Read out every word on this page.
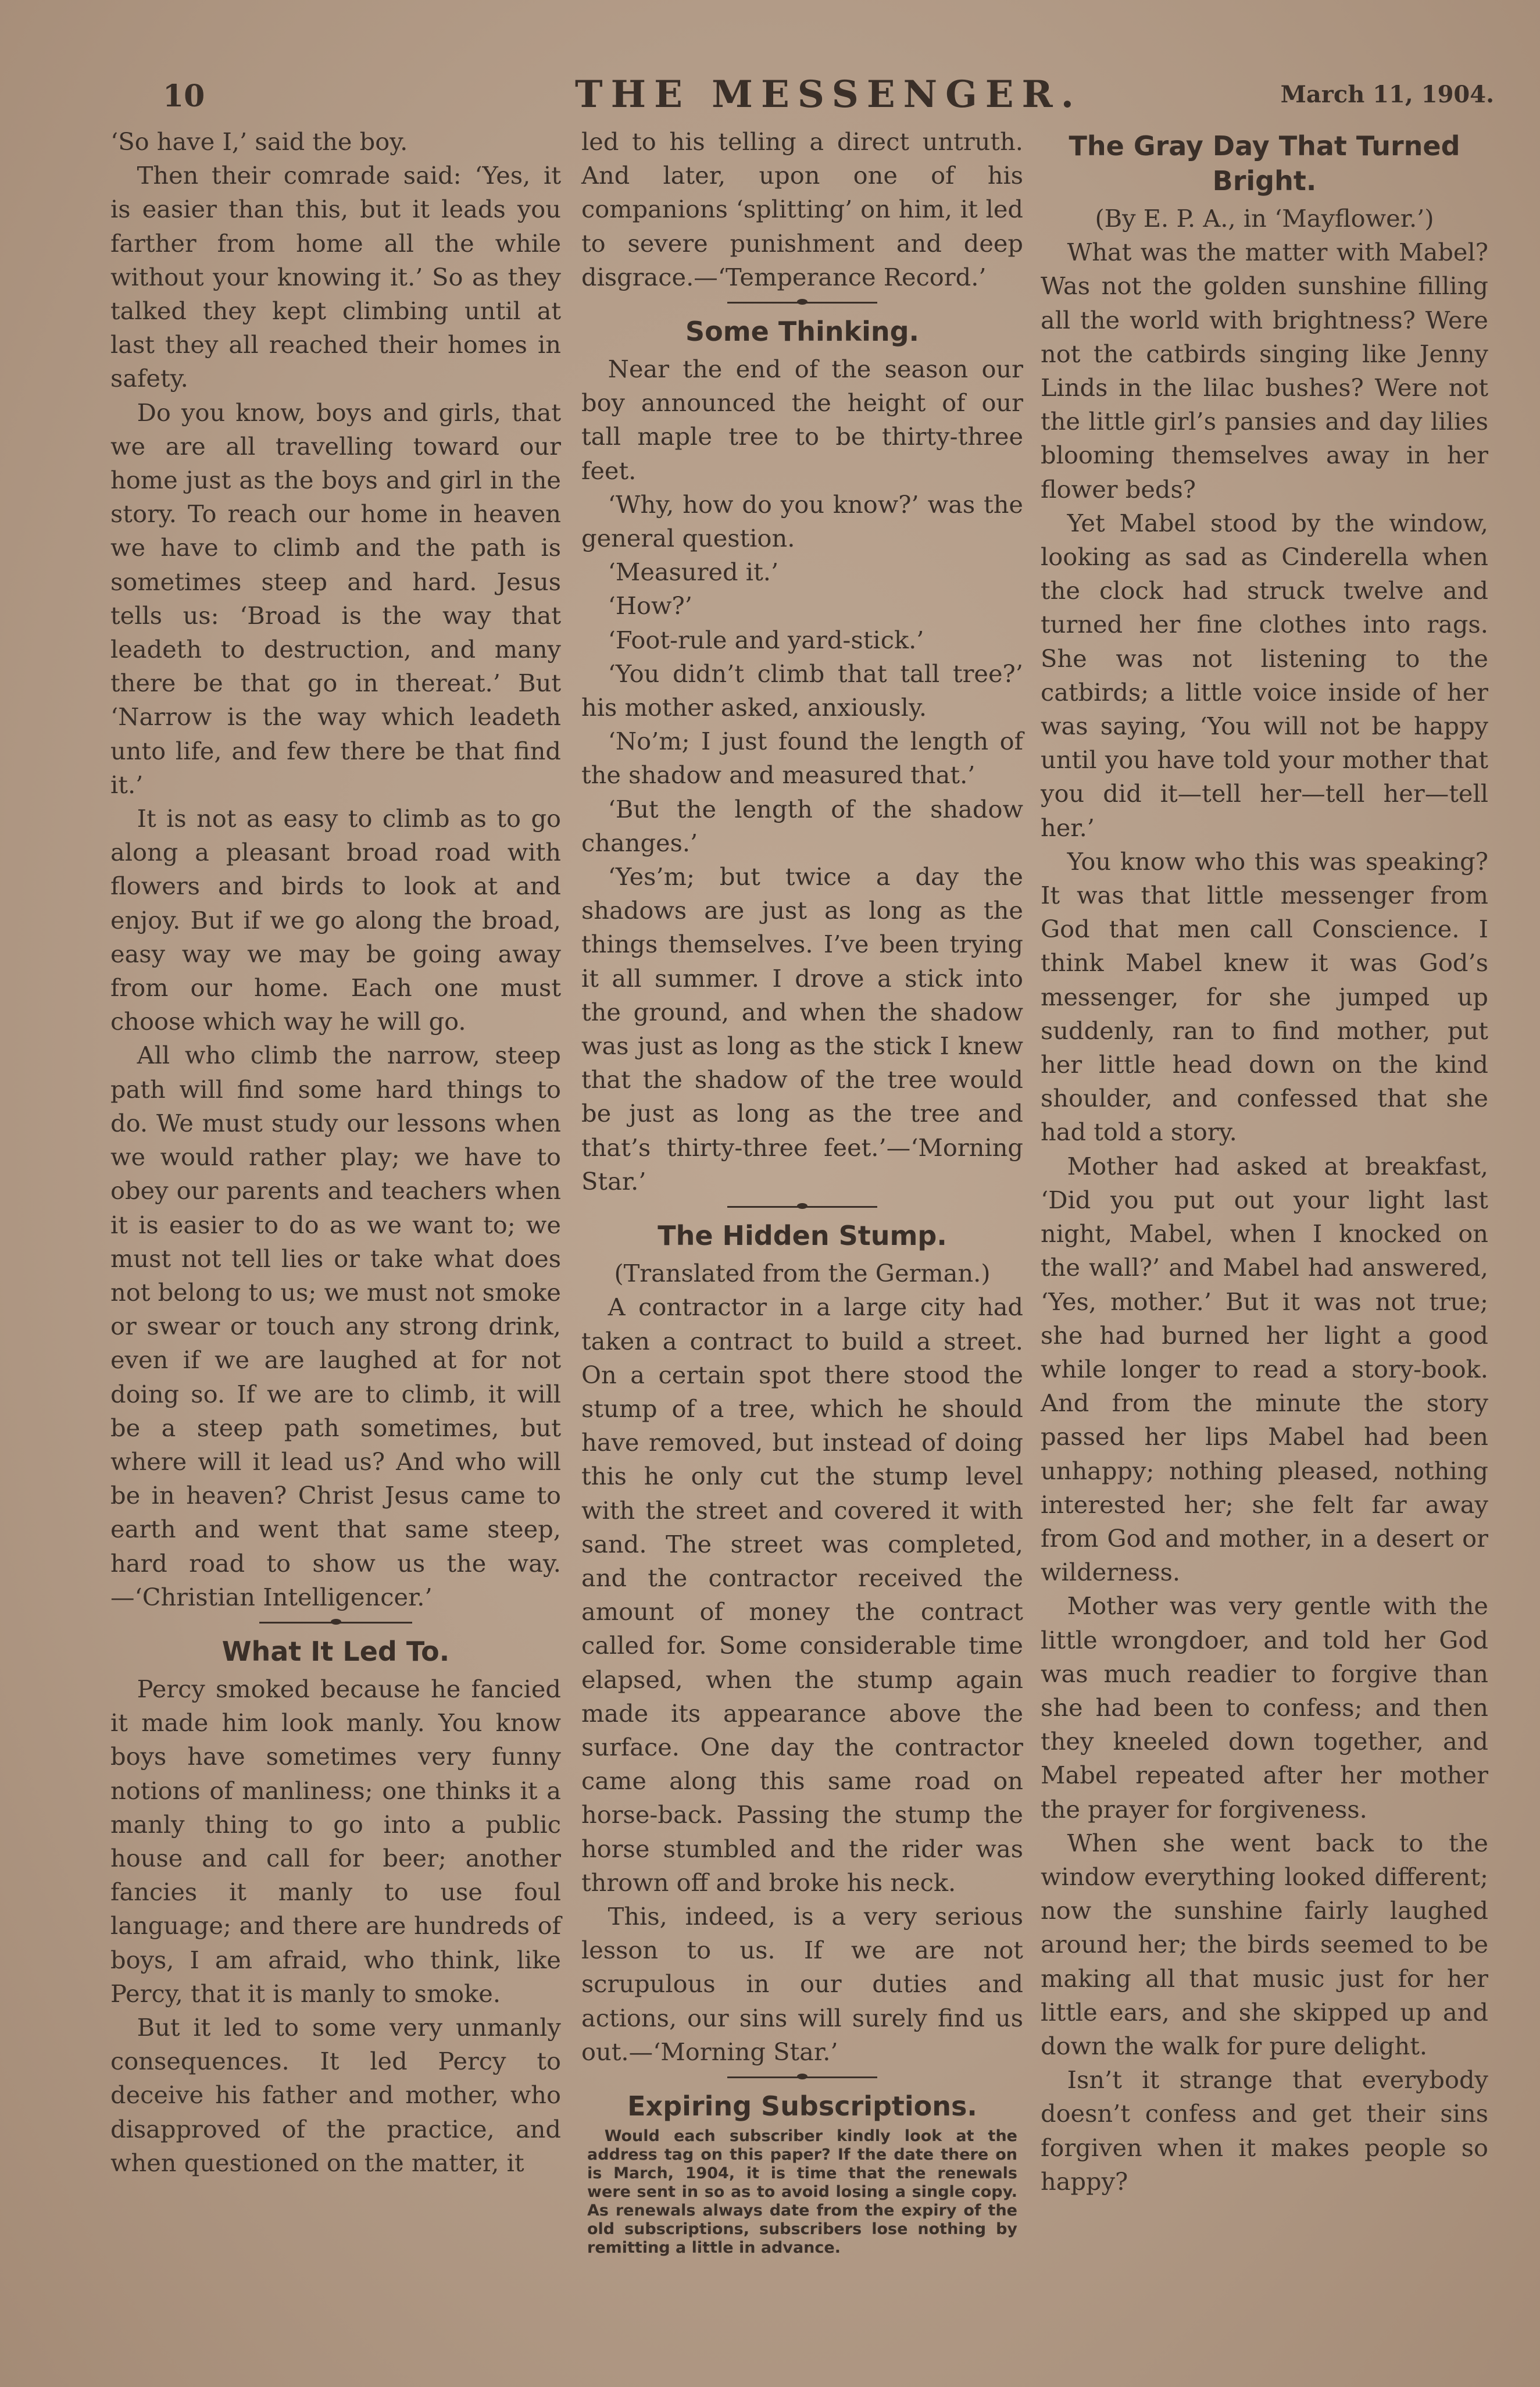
10	THE MESSENGER.	March 11, 1904.

‘So have I,’ said the boy.

Then their comrade said: ‘Yes, it is easier than this, but it leads you farther from home all the while without your knowing it.’ So as they talked they kept climbing until at last they all reached their homes in safety.

Do you know, boys and girls, that we are all travelling toward our home just as the boys and girl in the story. To reach our home in heaven we have to climb and the path is sometimes steep and hard. Jesus tells us: ‘Broad is the way that leadeth to destruction, and many there be that go in thereat.’ But ‘Narrow is the way which leadeth unto life, and few there be that find it.’

It is not as easy to climb as to go along a pleasant broad road with flowers and birds to look at and enjoy. But if we go along the broad, easy way we may be going away from our home. Each one must choose which way he will go.

All who climb the narrow, steep path will find some hard things to do. We must study our lessons when we would rather play; we have to obey our parents and teachers when it is easier to do as we want to; we must not tell lies or take what does not belong to us; we must not smoke or swear or touch any strong drink, even if we are laughed at for not doing so. If we are to climb, it will be a steep path sometimes, but where will it lead us? And who will be in heaven? Christ Jesus came to earth and went that same steep, hard road to show us the way.—‘Christian Intelligencer.’

What It Led To.

Percy smoked because he fancied it made him look manly. You know boys have sometimes very funny notions of manliness; one thinks it a manly thing to go into a public house and call for beer; another fancies it manly to use foul language; and there are hundreds of boys, I am afraid, who think, like Percy, that it is manly to smoke.

But it led to some very unmanly consequences. It led Percy to deceive his father and mother, who disapproved of the practice, and when questioned on the matter, it

led to his telling a direct untruth. And later, upon one of his companions ‘splitting’ on him, it led to severe punishment and deep disgrace.—‘Temperance Record.’

Some Thinking.

Near the end of the season our boy announced the height of our tall maple tree to be thirty-three feet.

‘Why, how do you know?’ was the general question.

‘Measured it.’

‘How?’

‘Foot-rule and yard-stick.’

‘You didn’t climb that tall tree?’ his mother asked, anxiously.

‘No’m; I just found the length of the shadow and measured that.’

‘But the length of the shadow changes.’

‘Yes’m; but twice a day the shadows are just as long as the things themselves. I’ve been trying it all summer. I drove a stick into the ground, and when the shadow was just as long as the stick I knew that the shadow of the tree would be just as long as the tree and that’s thirty-three feet.’—‘Morning Star.’

The Hidden Stump.

(Translated from the German.)

A contractor in a large city had taken a contract to build a street. On a certain spot there stood the stump of a tree, which he should have removed, but instead of doing this he only cut the stump level with the street and covered it with sand. The street was completed, and the contractor received the amount of money the contract called for. Some considerable time elapsed, when the stump again made its appearance above the surface. One day the contractor came along this same road on horse-back. Passing the stump the horse stumbled and the rider was thrown off and broke his neck.

This, indeed, is a very serious lesson to us. If we are not scrupulous in our duties and actions, our sins will surely find us out.—‘Morning Star.’

Expiring Subscriptions.

Would each subscriber kindly look at the address tag on this paper? If the date there on is March, 1904, it is time that the renewals were sent in so as to avoid losing a single copy. As renewals always date from the expiry of the old subscriptions, subscribers lose nothing by remitting a little in advance.

The Gray Day That Turned Bright.

(By E. P. A., in ‘Mayflower.’)

What was the matter with Mabel? Was not the golden sunshine filling all the world with brightness? Were not the catbirds singing like Jenny Linds in the lilac bushes? Were not the little girl’s pansies and day lilies blooming themselves away in her flower beds?

Yet Mabel stood by the window, looking as sad as Cinderella when the clock had struck twelve and turned her fine clothes into rags. She was not listening to the catbirds; a little voice inside of her was saying, ‘You will not be happy until you have told your mother that you did it—tell her—tell her—tell her.’

You know who this was speaking? It was that little messenger from God that men call Conscience. I think Mabel knew it was God’s messenger, for she jumped up suddenly, ran to find mother, put her little head down on the kind shoulder, and confessed that she had told a story.

Mother had asked at breakfast, ‘Did you put out your light last night, Mabel, when I knocked on the wall?’ and Mabel had answered, ‘Yes, mother.’ But it was not true; she had burned her light a good while longer to read a story-book. And from the minute the story passed her lips Mabel had been unhappy; nothing pleased, nothing interested her; she felt far away from God and mother, in a desert or wilderness.

Mother was very gentle with the little wrongdoer, and told her God was much readier to forgive than she had been to confess; and then they kneeled down together, and Mabel repeated after her mother the prayer for forgiveness.

When she went back to the window everything looked different; now the sunshine fairly laughed around her; the birds seemed to be making all that music just for her little ears, and she skipped up and down the walk for pure delight.

Isn’t it strange that everybody doesn’t confess and get their sins forgiven when it makes people so happy?
